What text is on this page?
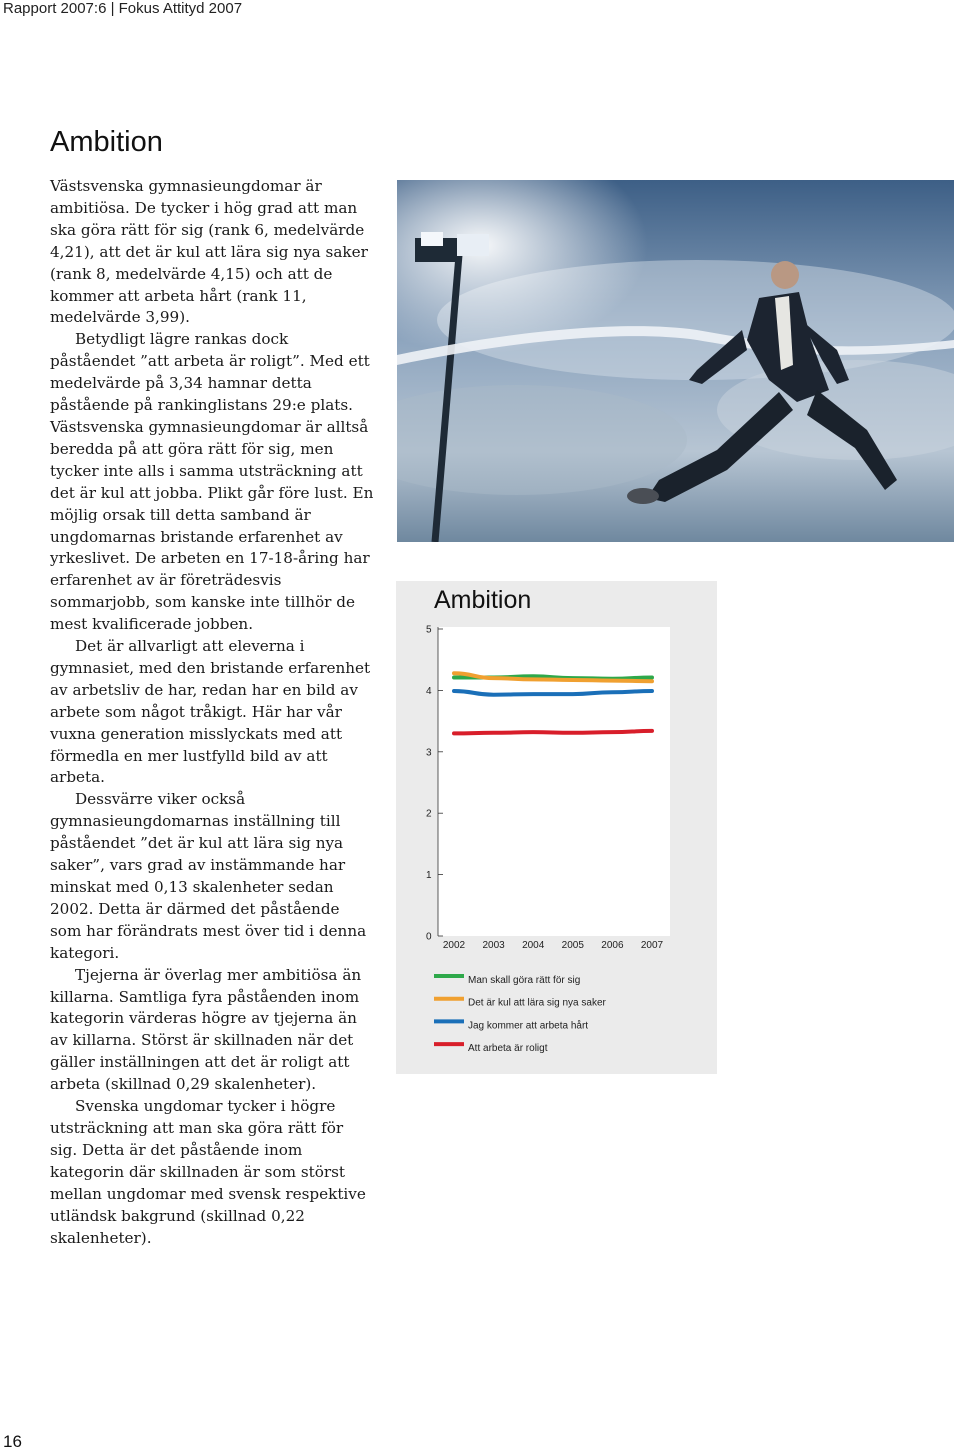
Rapport 2007:6 | Fokus Attityd 2007
Ambition

Västsvenska gymnasieungdomar är ambitiösa. De tycker i hög grad att man ska göra rätt för sig (rank 6, medelvärde 4,21), att det är kul att lära sig nya saker (rank 8, medelvärde 4,15) och att de kommer att arbeta hårt (rank 11, medelvärde 3,99).

Betydligt lägre rankas dock påståendet ”att arbeta är roligt”. Med ett medelvärde på 3,34 hamnar detta påstående på rankinglistans 29:e plats. Västsvenska gymnasieungdomar är alltså beredda på att göra rätt för sig, men tycker inte alls i samma utsträckning att det är kul att jobba. Plikt går före lust. En möjlig orsak till detta samband är ungdomarnas bristande erfarenhet av yrkeslivet. De arbeten en 17-18-åring har erfarenhet av är företrädesvis sommarjobb, som kanske inte tillhör de mest kvalificerade jobben.

Det är allvarligt att eleverna i gymnasiet, med den bristande erfarenhet av arbetsliv de har, redan har en bild av arbete som något tråkigt. Här har vår vuxna generation misslyckats med att förmedla en mer lustfylld bild av att arbeta.

Dessvärre viker också gymnasieungdomarnas inställning till påståendet ”det är kul att lära sig nya saker”, vars grad av instämmande har minskat med 0,13 skalenheter sedan 2002. Detta är därmed det påstående som har förändrats mest över tid i denna kategori.

Tjejerna är överlag mer ambitiösa än killarna. Samtliga fyra påståenden inom kategorin värderas högre av tjejerna än av killarna. Störst är skillnaden när det gäller inställningen att det är roligt att arbeta (skillnad 0,29 skalenheter).

Svenska ungdomar tycker i högre utsträckning att man ska göra rätt för sig. Detta är det påstående inom kategorin där skillnaden är som störst mellan ungdomar med svensk respektive utländsk bakgrund (skillnad 0,22 skalenheter).

Ambition
0
1
2
3
4
5
2002 2003 2004 2005 2006 2007
Man skall göra rätt för sig
Det är kul att lära sig nya saker
Jag kommer att arbeta hårt
Att arbeta är roligt
16
